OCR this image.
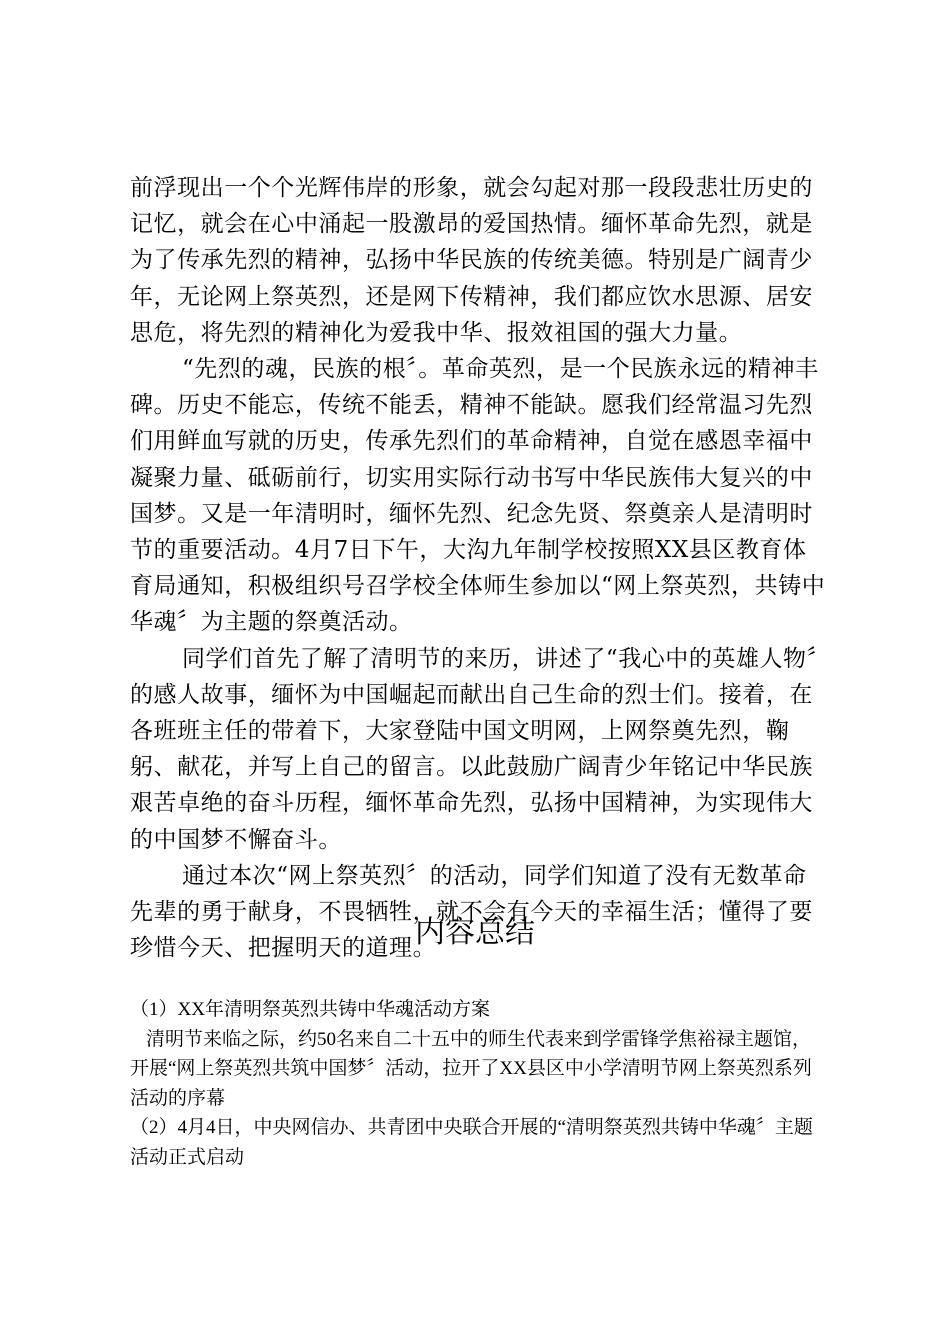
前浮现出一个个光辉伟岸的形象，就会勾起对那一段段悲壮历史的记忆，就会在心中涌起一股激昂的爱国热情。缅怀革命先烈，就是为了传承先烈的精神，弘扬中华民族的传统美德。特别是广阔青少年，无论网上祭英烈，还是网下传精神，我们都应饮水思源、居安思危，将先烈的精神化为爱我中华、报效祖国的强大力量。

“先烈的魂，民族的根〞。革命英烈，是一个民族永远的精神丰碑。历史不能忘，传统不能丢，精神不能缺。愿我们经常温习先烈们用鲜血写就的历史，传承先烈们的革命精神，自觉在感恩幸福中凝聚力量、砥砺前行，切实用实际行动书写中华民族伟大复兴的中国梦。又是一年清明时，缅怀先烈、纪念先贤、祭奠亲人是清明时节的重要活动。4月7日下午，大沟九年制学校按照XX县区教育体育局通知，积极组织号召学校全体师生参加以“网上祭英烈，共铸中华魂〞为主题的祭奠活动。

同学们首先了解了清明节的来历，讲述了“我心中的英雄人物〞的感人故事，缅怀为中国崛起而献出自己生命的烈士们。接着，在各班班主任的带着下，大家登陆中国文明网，上网祭奠先烈，鞠躬、献花，并写上自己的留言。以此鼓励广阔青少年铭记中华民族艰苦卓绝的奋斗历程，缅怀革命先烈，弘扬中国精神，为实现伟大的中国梦不懈奋斗。

通过本次“网上祭英烈〞的活动，同学们知道了没有无数革命先辈的勇于献身，不畏牺牲，就不会有今天的幸福生活；懂得了要珍惜今天、把握明天的道理。

内容总结

（1）XX年清明祭英烈共铸中华魂活动方案

清明节来临之际，约50名来自二十五中的师生代表来到学雷锋学焦裕禄主题馆，开展“网上祭英烈共筑中国梦〞活动，拉开了XX县区中小学清明节网上祭英烈系列活动的序幕

（2）4月4日，中央网信办、共青团中央联合开展的“清明祭英烈共铸中华魂〞主题活动正式启动
